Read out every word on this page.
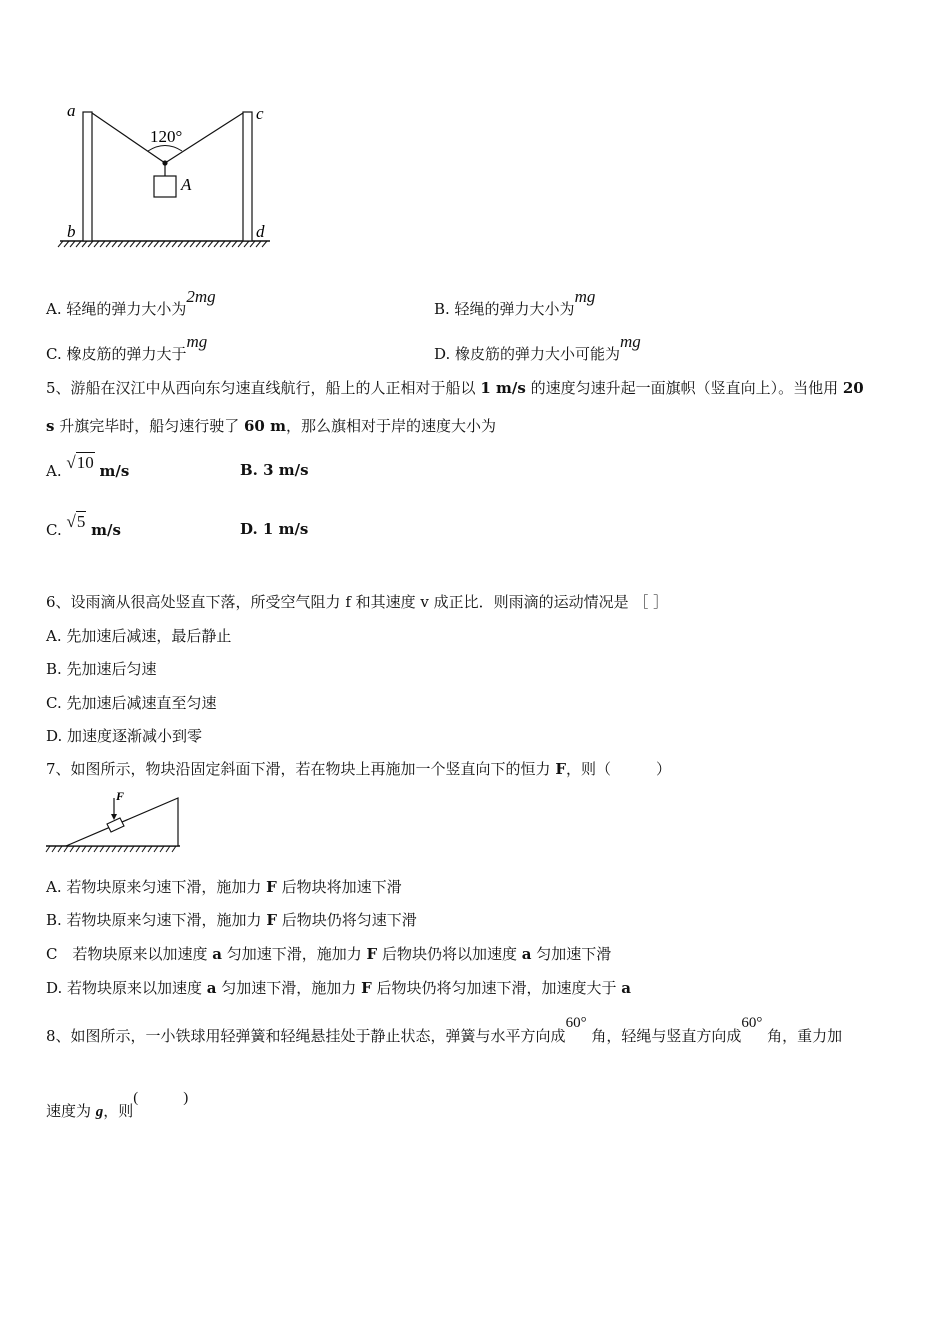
a
b
c
d
120°
A
A. 轻绳的弹力大小为2mg
B. 轻绳的弹力大小为mg
C. 橡皮筋的弹力大于mg
D. 橡皮筋的弹力大小可能为mg
5、游船在汉江中从西向东匀速直线航行，船上的人正相对于船以 1 m/s 的速度匀速升起一面旗帜（竖直向上）。当他用 20
s 升旗完毕时，船匀速行驶了 60 m，那么旗相对于岸的速度大小为
A. √10 m/s	B. 3 m/s
C. √5 m/s	D. 1 m/s
6、设雨滴从很高处竖直下落，所受空气阻力 f 和其速度 v 成正比．则雨滴的运动情况是 ［ ］
A. 先加速后减速，最后静止
B. 先加速后匀速
C. 先加速后减速直至匀速
D. 加速度逐渐减小到零
7、如图所示，物块沿固定斜面下滑，若在物块上再施加一个竖直向下的恒力 F，则（　　　）
F
A. 若物块原来匀速下滑，施加力 F 后物块将加速下滑
B. 若物块原来匀速下滑，施加力 F 后物块仍将匀速下滑
C　若物块原来以加速度 a 匀加速下滑，施加力 F 后物块仍将以加速度 a 匀加速下滑
D. 若物块原来以加速度 a 匀加速下滑，施加力 F 后物块仍将匀加速下滑，加速度大于 a
8、如图所示，一小铁球用轻弹簧和轻绳悬挂处于静止状态，弹簧与水平方向成60° 角，轻绳与竖直方向成60° 角，重力加
速度为 g，则(　　　)
